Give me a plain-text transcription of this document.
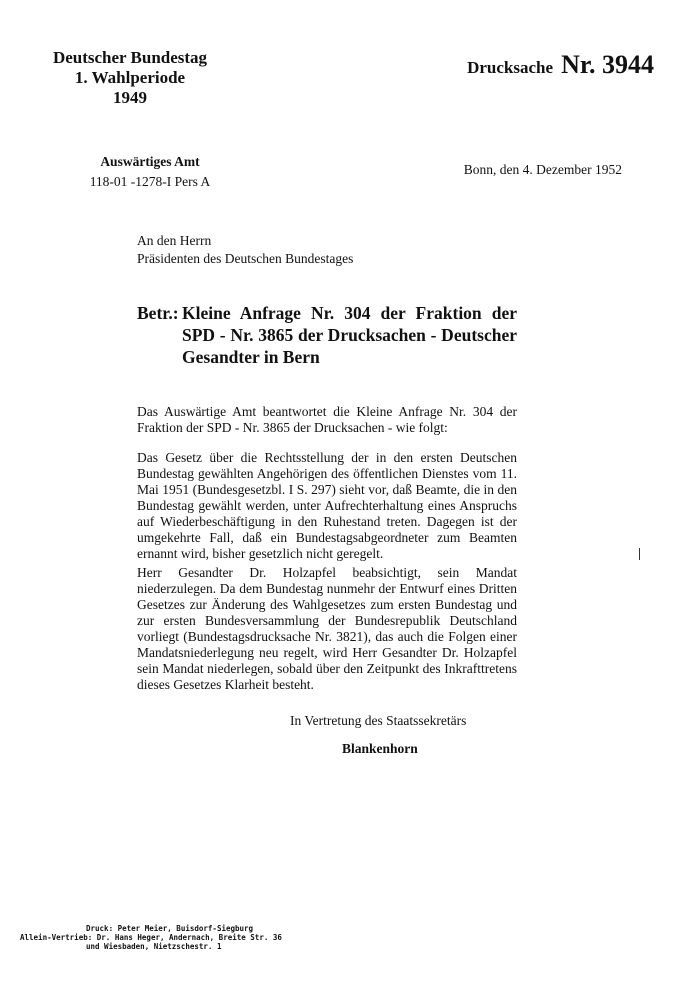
Deutscher Bundestag
1. Wahlperiode
1949
Drucksache Nr. 3944
Auswärtiges Amt
118-01 -1278-I Pers A
Bonn, den 4. Dezember 1952
An den Herrn
Präsidenten des Deutschen Bundestages
Betr.: Kleine Anfrage Nr. 304 der Fraktion der SPD - Nr. 3865 der Drucksachen - Deutscher Gesandter in Bern
Das Auswärtige Amt beantwortet die Kleine Anfrage Nr. 304 der Fraktion der SPD - Nr. 3865 der Drucksachen - wie folgt:
Das Gesetz über die Rechtsstellung der in den ersten Deutschen Bundestag gewählten Angehörigen des öffentlichen Dienstes vom 11. Mai 1951 (Bundesgesetzbl. I S. 297) sieht vor, daß Beamte, die in den Bundestag gewählt werden, unter Aufrechterhaltung eines Anspruchs auf Wiederbeschäftigung in den Ruhestand treten. Dagegen ist der umgekehrte Fall, daß ein Bundestagsabgeordneter zum Beamten ernannt wird, bisher gesetzlich nicht geregelt.
Herr Gesandter Dr. Holzapfel beabsichtigt, sein Mandat niederzulegen. Da dem Bundestag nunmehr der Entwurf eines Dritten Gesetzes zur Änderung des Wahlgesetzes zum ersten Bundestag und zur ersten Bundesversammlung der Bundesrepublik Deutschland vorliegt (Bundestagsdrucksache Nr. 3821), das auch die Folgen einer Mandatsniederlegung neu regelt, wird Herr Gesandter Dr. Holzapfel sein Mandat niederlegen, sobald über den Zeitpunkt des Inkrafttretens dieses Gesetzes Klarheit besteht.
In Vertretung des Staatssekretärs
Blankenhorn
Druck: Peter Meier, Buisdorf-Siegburg
Allein-Vertrieb: Dr. Hans Heger, Andernach, Breite Str. 36
und Wiesbaden, Nietzschestr. 1
